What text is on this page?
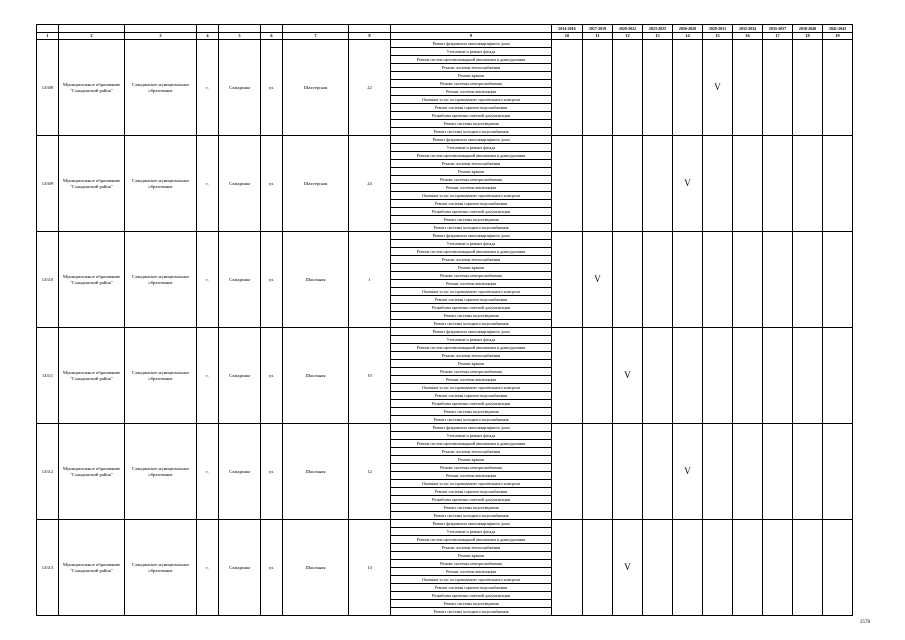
									2014-2016	2017-2019	2020-2022	2023-2025	2026-2028	2029-2031	2032-2034	2035-2037	2038-2040	2041-2043
1	2	3	4	5	6	7	8	9	10	11	12	13	14	15	16	17	18	19
14308	Муниципальное образование "Сландинский район"	Сландинское муниципальное образование	г.	Сландинка	ул.	Шахтерская	22	Ремонт фундамента многоквартирного дома						V				
								Утепление и ремонт фасада										
								Ремонт систем противопожарной автоматики и дымоудаления										
								Ремонт системы теплоснабжения										
								Ремонт крыши										
								Ремонт системы электроснабжения										
								Ремонт системы вентиляции										
								Оказание услуг по проведению строительного контроля										
								Ремонт системы горячего водоснабжения										
								Разработка проектно-сметной документации										
								Ремонт системы водоотведения										
								Ремонт системы холодного водоснабжения										
14309	Муниципальное образование "Сландинский район"	Сландинское муниципальное образование	г.	Сландинка	ул.	Шахтерская	24	Ремонт фундамента многоквартирного дома					V					
								Утепление и ремонт фасада										
								Ремонт систем противопожарной автоматики и дымоудаления										
								Ремонт системы теплоснабжения										
								Ремонт крыши										
								Ремонт системы электроснабжения										
								Ремонт системы вентиляции										
								Оказание услуг по проведению строительного контроля										
								Ремонт системы горячего водоснабжения										
								Разработка проектно-сметной документации										
								Ремонт системы водоотведения										
								Ремонт системы холодного водоснабжения										
14310	Муниципальное образование "Сландинский район"	Сландинское муниципальное образование	г.	Сландинка	ул.	Школьная	1	Ремонт фундамента многоквартирного дома		V								
								Утепление и ремонт фасада										
								Ремонт систем противопожарной автоматики и дымоудаления										
								Ремонт системы теплоснабжения										
								Ремонт крыши										
								Ремонт системы электроснабжения										
								Ремонт системы вентиляции										
								Оказание услуг по проведению строительного контроля										
								Ремонт системы горячего водоснабжения										
								Разработка проектно-сметной документации										
								Ремонт системы водоотведения										
								Ремонт системы холодного водоснабжения										
14311	Муниципальное образование "Сландинский район"	Сландинское муниципальное образование	г.	Сландинка	ул.	Школьная	10	Ремонт фундамента многоквартирного дома			V							
								Утепление и ремонт фасада										
								Ремонт систем противопожарной автоматики и дымоудаления										
								Ремонт системы теплоснабжения										
								Ремонт крыши										
								Ремонт системы электроснабжения										
								Ремонт системы вентиляции										
								Оказание услуг по проведению строительного контроля										
								Ремонт системы горячего водоснабжения										
								Разработка проектно-сметной документации										
								Ремонт системы водоотведения										
								Ремонт системы холодного водоснабжения										
14312	Муниципальное образование "Сландинский район"	Сландинское муниципальное образование	г.	Сландинка	ул.	Школьная	12	Ремонт фундамента многоквартирного дома					V					
								Утепление и ремонт фасада										
								Ремонт систем противопожарной автоматики и дымоудаления										
								Ремонт системы теплоснабжения										
								Ремонт крыши										
								Ремонт системы электроснабжения										
								Ремонт системы вентиляции										
								Оказание услуг по проведению строительного контроля										
								Ремонт системы горячего водоснабжения										
								Разработка проектно-сметной документации										
								Ремонт системы водоотведения										
								Ремонт системы холодного водоснабжения										
14313	Муниципальное образование "Сландинский район"	Сландинское муниципальное образование	г.	Сландинка	ул.	Школьная	14	Ремонт фундамента многоквартирного дома			V							
								Утепление и ремонт фасада										
								Ремонт систем противопожарной автоматики и дымоудаления										
								Ремонт системы теплоснабжения										
								Ремонт крыши										
								Ремонт системы электроснабжения										
								Ремонт системы вентиляции										
								Оказание услуг по проведению строительного контроля										
								Ремонт системы горячего водоснабжения										
								Разработка проектно-сметной документации										
								Ремонт системы водоотведения										
								Ремонт системы холодного водоснабжения										
2578
